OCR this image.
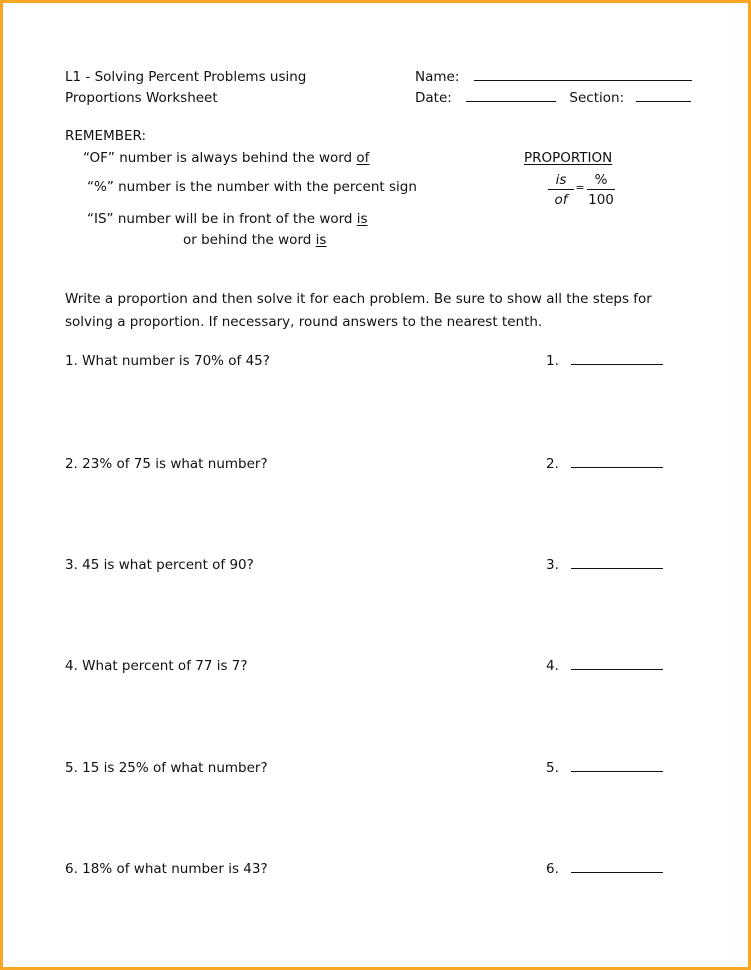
L1 - Solving Percent Problems using
Proportions Worksheet
Name:
Date:	Section:
REMEMBER:
“OF” number is always behind the word of
“%” number is the number with the percent sign
“IS” number will be in front of the word is
or behind the word is
PROPORTION
is
of
= %
100
Write a proportion and then solve it for each problem. Be sure to show all the steps for
solving a proportion. If necessary, round answers to the nearest tenth.
1. What number is 70% of 45?	1.
2. 23% of 75 is what number?	2.
3. 45 is what percent of 90?	3.
4. What percent of 77 is 7?	4.
5. 15 is 25% of what number?	5.
6. 18% of what number is 43?	6.
